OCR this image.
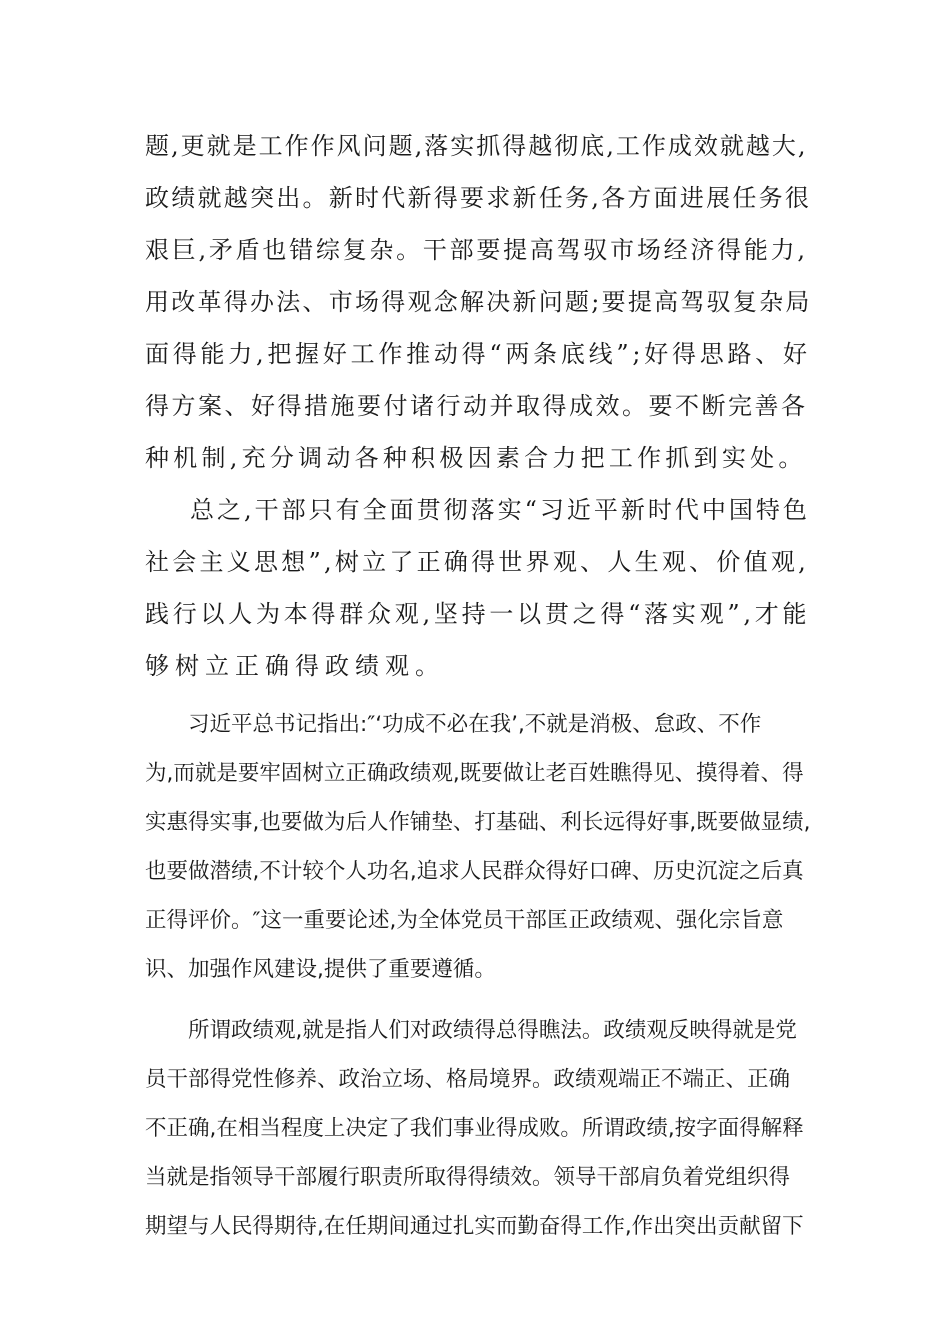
题,更就是工作作风问题,落实抓得越彻底,工作成效就越大,
政绩就越突出。新时代新得要求新任务,各方面进展任务很
艰巨,矛盾也错综复杂。干部要提高驾驭市场经济得能力,
用改革得办法、市场得观念解决新问题;要提高驾驭复杂局
面得能力,把握好工作推动得“两条底线”;好得思路、好
得方案、好得措施要付诸行动并取得成效。要不断完善各
种机制,充分调动各种积极因素合力把工作抓到实处。
总之,干部只有全面贯彻落实“习近平新时代中国特色
社会主义思想”,树立了正确得世界观、人生观、价值观,
践行以人为本得群众观,坚持一以贯之得“落实观”,才能
够树立正确得政绩观。
习近平总书记指出:″‘功成不必在我’,不就是消极、怠政、不作
为,而就是要牢固树立正确政绩观,既要做让老百姓瞧得见、摸得着、得
实惠得实事,也要做为后人作铺垫、打基础、利长远得好事,既要做显绩,
也要做潜绩,不计较个人功名,追求人民群众得好口碑、历史沉淀之后真
正得评价。″这一重要论述,为全体党员干部匡正政绩观、强化宗旨意
识、加强作风建设,提供了重要遵循。
所谓政绩观,就是指人们对政绩得总得瞧法。政绩观反映得就是党
员干部得党性修养、政治立场、格局境界。政绩观端正不端正、正确
不正确,在相当程度上决定了我们事业得成败。所谓政绩,按字面得解释
当就是指领导干部履行职责所取得得绩效。领导干部肩负着党组织得
期望与人民得期待,在任期间通过扎实而勤奋得工作,作出突出贡献留下
